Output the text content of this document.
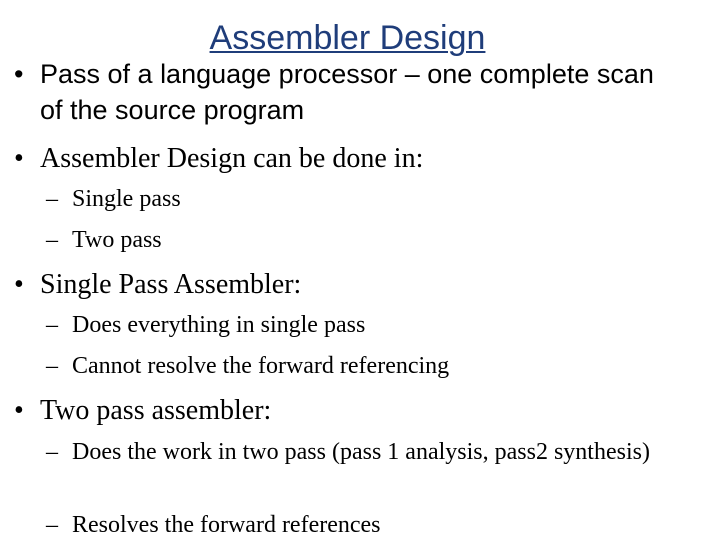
Assembler Design
• Pass of a language processor – one complete scan of the source program
• Assembler Design can be done in:
– Single pass
– Two pass
• Single Pass Assembler:
– Does everything in single pass
– Cannot resolve the forward referencing
• Two pass assembler:
– Does the work in two pass (pass 1 analysis, pass2 synthesis)
– Resolves the forward references
